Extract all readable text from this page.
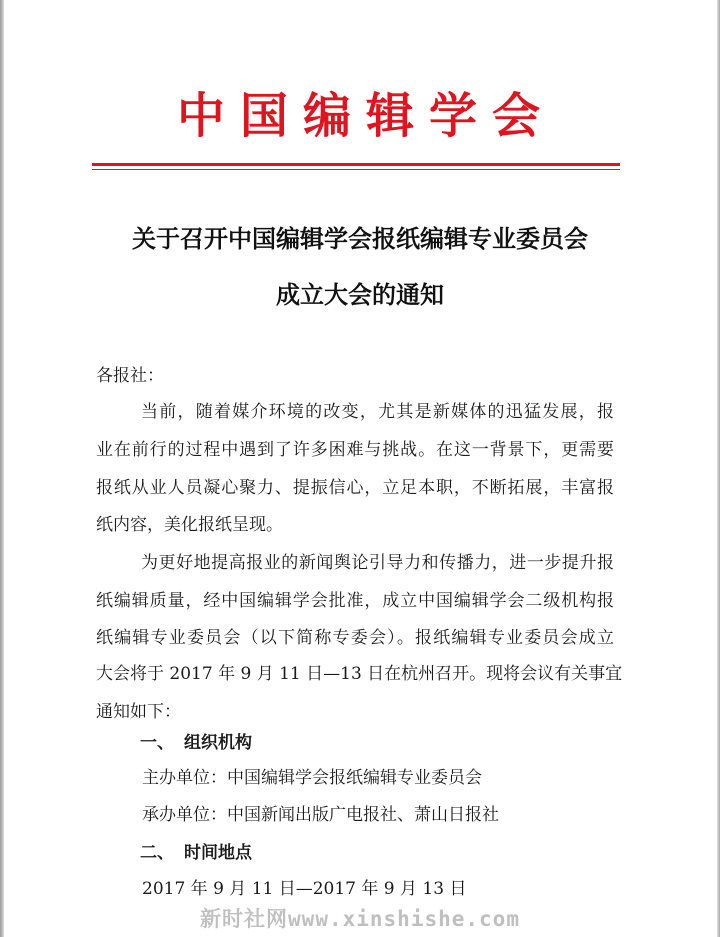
中国编辑学会
关于召开中国编辑学会报纸编辑专业委员会
成立大会的通知
各报社：
当前，随着媒介环境的改变，尤其是新媒体的迅猛发展，报
业在前行的过程中遇到了许多困难与挑战。在这一背景下，更需要
报纸从业人员凝心聚力、提振信心，立足本职，不断拓展，丰富报
纸内容，美化报纸呈现。
为更好地提高报业的新闻舆论引导力和传播力，进一步提升报
纸编辑质量，经中国编辑学会批准，成立中国编辑学会二级机构报
纸编辑专业委员会（以下简称专委会）。报纸编辑专业委员会成立
大会将于 2017 年 9 月 11 日—13 日在杭州召开。现将会议有关事宜
通知如下：
一、 组织机构
主办单位：中国编辑学会报纸编辑专业委员会
承办单位：中国新闻出版广电报社、萧山日报社
二、 时间地点
2017 年 9 月 11 日—2017 年 9 月 13 日
新时社网www.xinshishe.com
